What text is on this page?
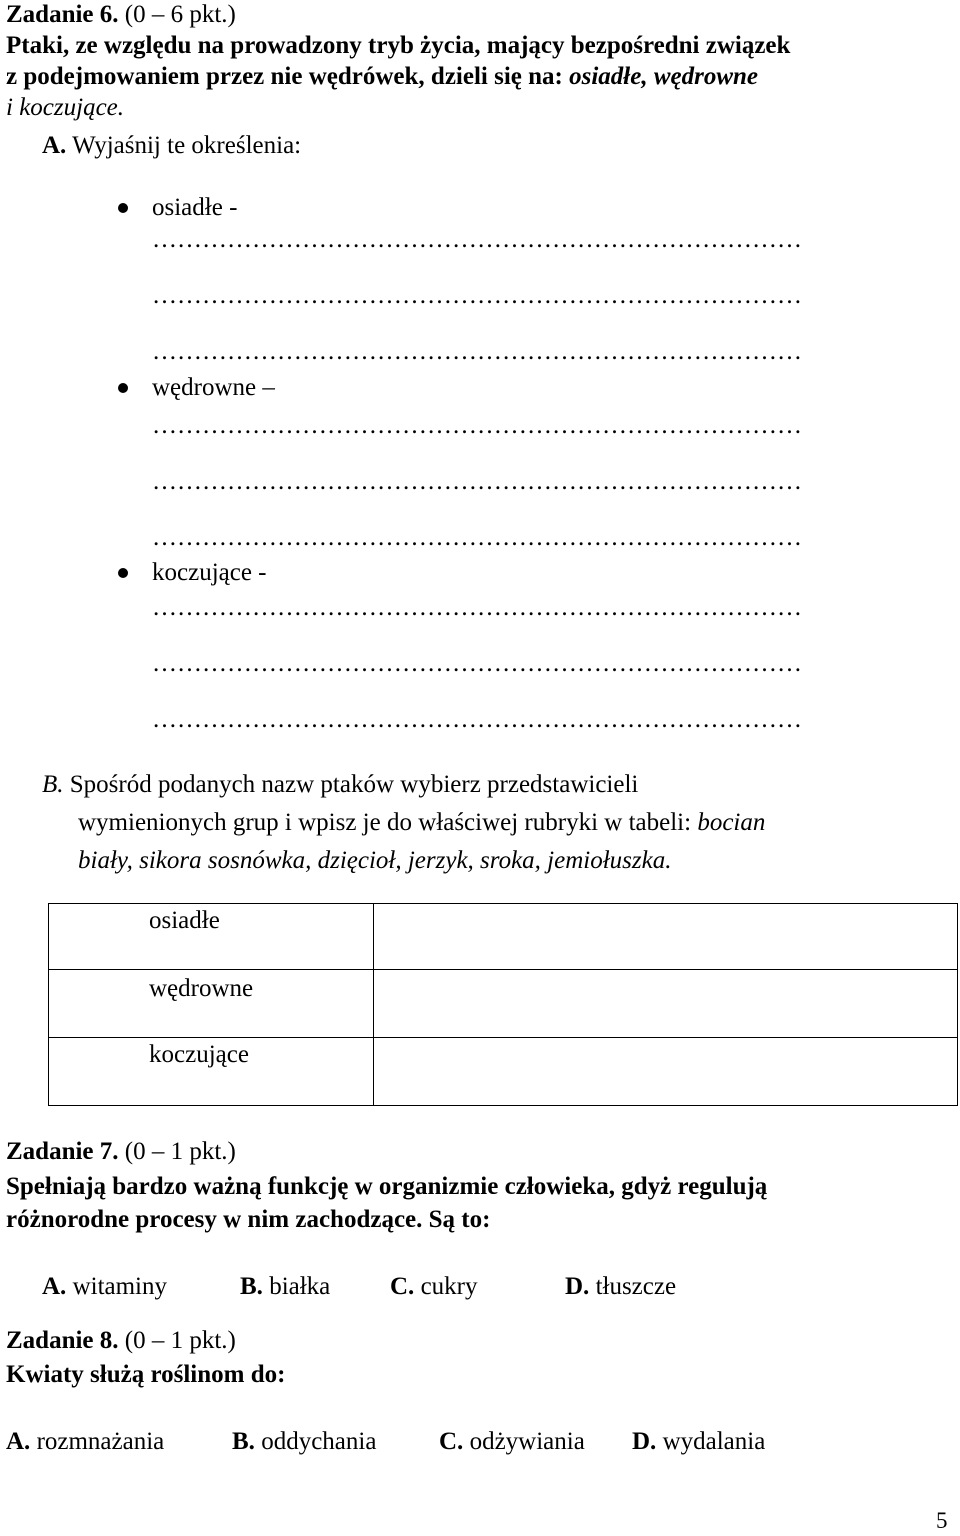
Zadanie 6. (0 – 6 pkt.)
Ptaki, ze względu na prowadzony tryb życia, mający bezpośredni związek
z podejmowaniem przez nie wędrówek, dzieli się na: osiadłe, wędrowne
i koczujące.
A. Wyjaśnij te określenia:
osiadłe -
……………………………………………………………………
……………………………………………………………………
……………………………………………………………………
wędrowne –
……………………………………………………………………
……………………………………………………………………
……………………………………………………………………
koczujące -
……………………………………………………………………
……………………………………………………………………
……………………………………………………………………
B. Spośród podanych nazw ptaków wybierz przedstawicieli
wymienionych grup i wpisz je do właściwej rubryki w tabeli: bocian
biały, sikora sosnówka, dzięcioł, jerzyk, sroka, jemiołuszka.
osiadłe	

wędrowne	

koczujące	

Zadanie 7. (0 – 1 pkt.)
Spełniają bardzo ważną funkcję w organizmie człowieka, gdyż regulują
różnorodne procesy w nim zachodzące. Są to:
A. witaminy	B. białka C. cukry	D. tłuszcze
Zadanie 8. (0 – 1 pkt.)
Kwiaty służą roślinom do:
A. rozmnażania	B. oddychania	C. odżywiania D. wydalania
5
